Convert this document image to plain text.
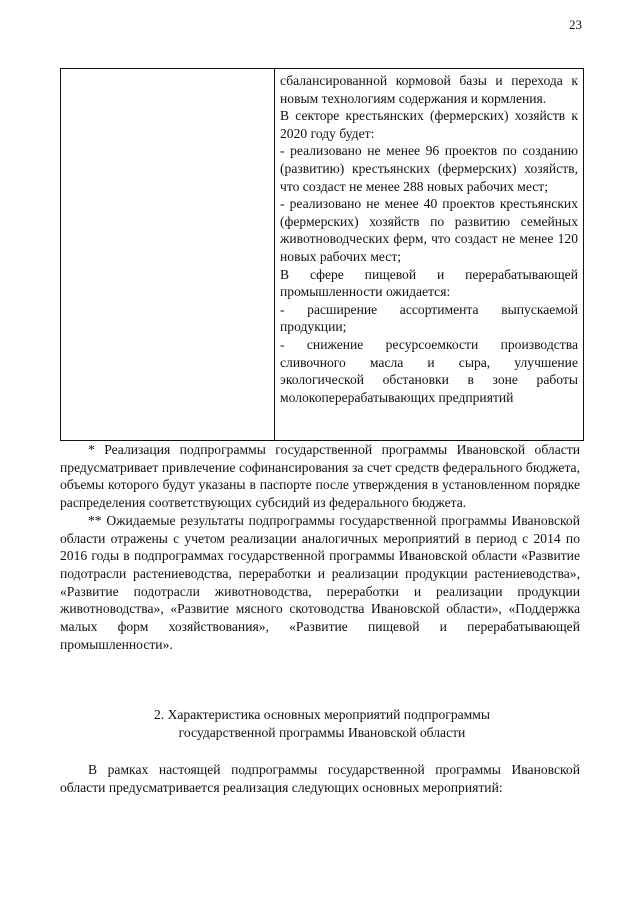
23

сбалансированной кормовой базы и перехода к новым технологиям содержания и кормления.

В секторе крестьянских (фермерских) хозяйств к 2020 году будет:

- реализовано не менее 96 проектов по созданию (развитию) крестьянских (фермерских) хозяйств, что создаст не менее 288 новых рабочих мест;

- реализовано не менее 40 проектов крестьянских (фермерских) хозяйств по развитию семейных животноводческих ферм, что создаст не менее 120 новых рабочих мест;

В сфере пищевой и перерабатывающей промышленности ожидается:

- расширение ассортимента выпускаемой продукции;

- снижение ресурсоемкости производства сливочного масла и сыра, улучшение экологической обстановки в зоне работы молокоперерабатывающих предприятий

* Реализация подпрограммы государственной программы Ивановской области предусматривает привлечение софинансирования за счет средств федерального бюджета, объемы которого будут указаны в паспорте после утверждения в установленном порядке распределения соответствующих субсидий из федерального бюджета.

** Ожидаемые результаты подпрограммы государственной программы Ивановской области отражены с учетом реализации аналогичных мероприятий в период с 2014 по 2016 годы в подпрограммах государственной программы Ивановской области «Развитие подотрасли растениеводства, переработки и реализации продукции растениеводства», «Развитие подотрасли животноводства, переработки и реализации продукции животноводства», «Развитие мясного скотоводства Ивановской области», «Поддержка малых форм хозяйствования», «Развитие пищевой и перерабатывающей промышленности».

2. Характеристика основных мероприятий подпрограммы
государственной программы Ивановской области

В рамках настоящей подпрограммы государственной программы Ивановской области предусматривается реализация следующих основных мероприятий:
